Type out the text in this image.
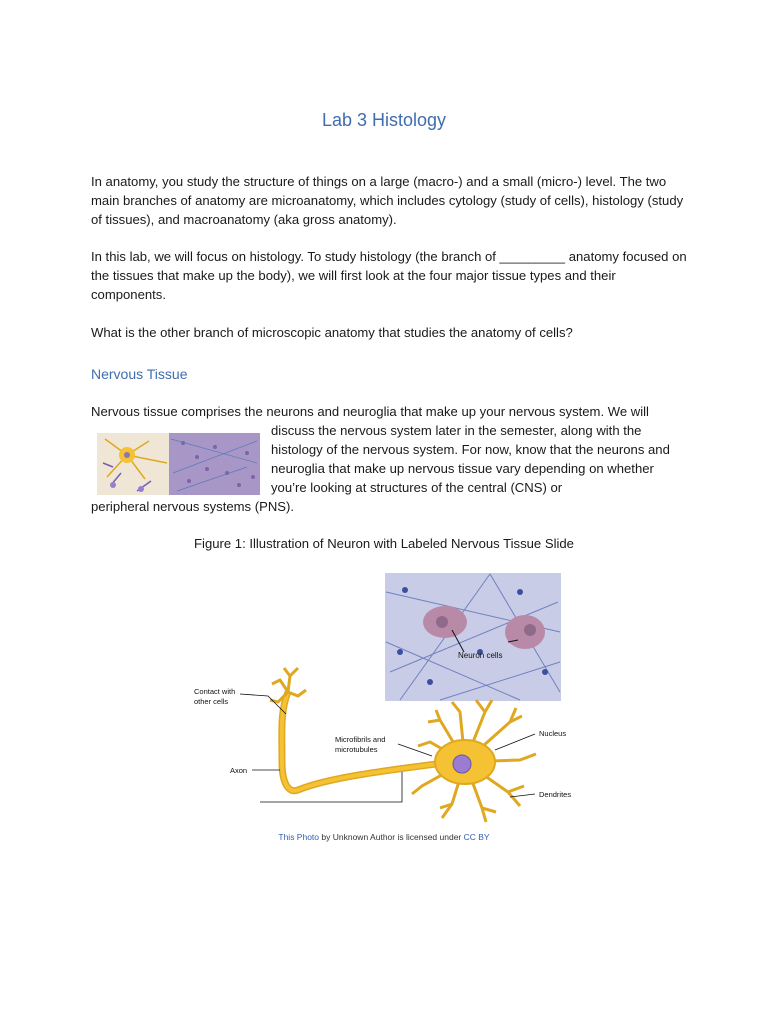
Lab 3 Histology

In anatomy, you study the structure of things on a large (macro-) and a small (micro-) level. The two main branches of anatomy are microanatomy, which includes cytology (study of cells), histology (study of tissues), and macroanatomy (aka gross anatomy).

In this lab, we will focus on histology. To study histology (the branch of _________ anatomy focused on the tissues that make up the body), we will first look at the four major tissue types and their components.

What is the other branch of microscopic anatomy that studies the anatomy of cells?

Nervous Tissue

Nervous tissue comprises the neurons and neuroglia that make up your nervous system. We will

discuss the nervous system later in the semester, along with the histology of the nervous system. For now, know that the neurons and neuroglia that make up nervous tissue vary depending on whether you’re looking at structures of the central (CNS) or
peripheral nervous systems (PNS).
Figure 1: Illustration of Neuron with Labeled Nervous Tissue Slide
Neuron cells
Contact with
other cells
Microfibrils and
microtubules
Axon
Nucleus
Dendrites
This Photo by Unknown Author is licensed under CC BY
